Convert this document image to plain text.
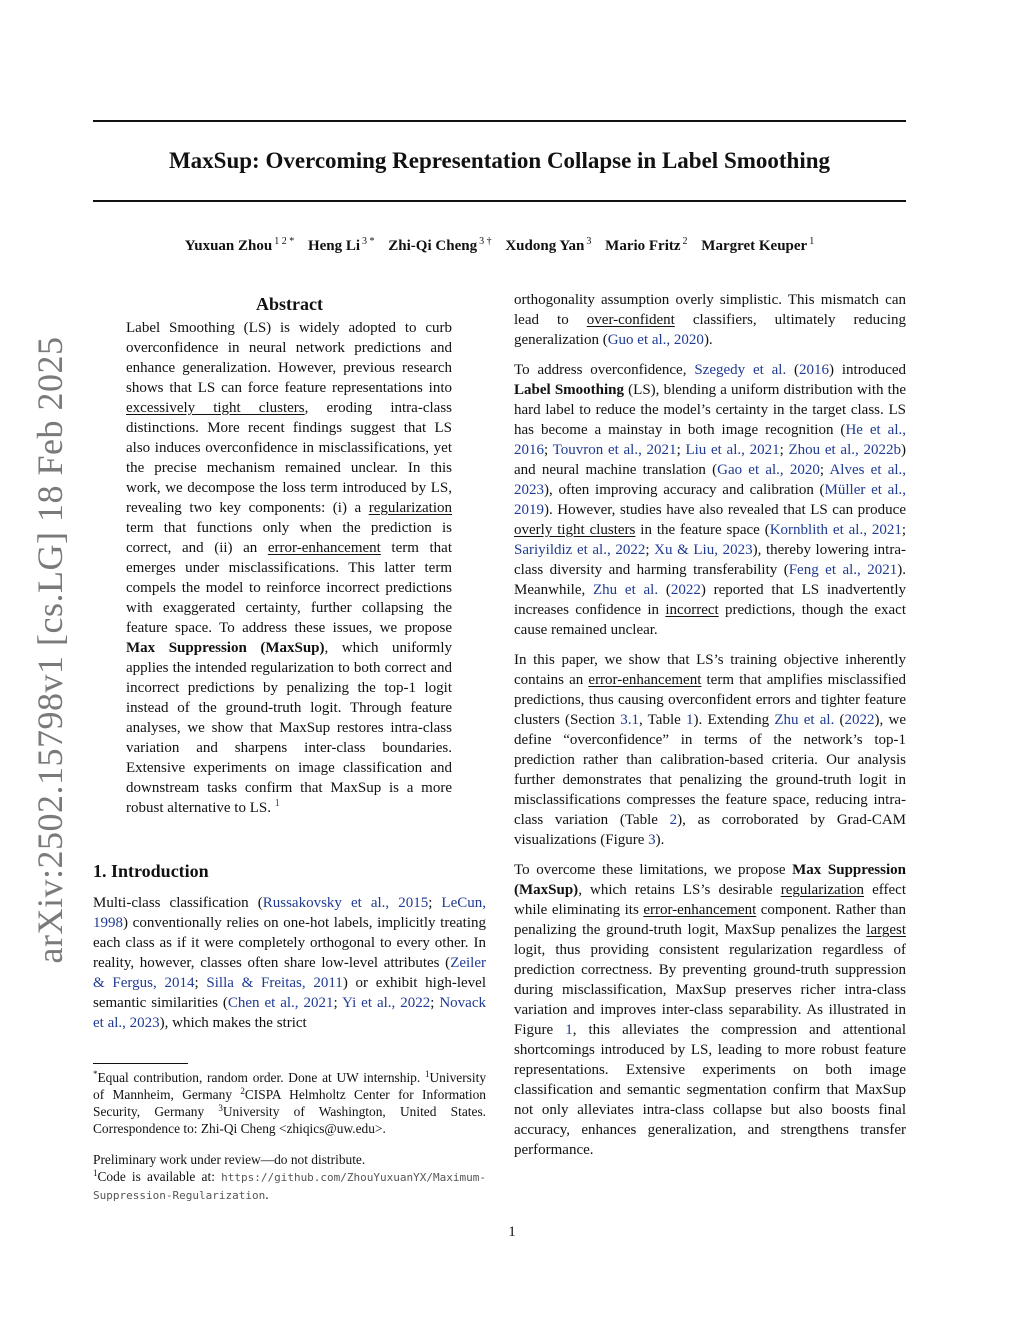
MaxSup: Overcoming Representation Collapse in Label Smoothing
Yuxuan Zhou $^{1 2 *}$ Heng Li $^{3 *}$ Zhi-Qi Cheng $^{3 \dagger}$ Xudong Yan $^3$ Mario Fritz $^2$ Margret Keuper $^1$
arXiv:2502.15798v1 [cs.LG] 18 Feb 2025
Abstract
Label Smoothing (LS) is widely adopted to curb overconfidence in neural network predictions and enhance generalization. However, previous research shows that LS can force feature representations into excessively tight clusters, eroding intra-class distinctions. More recent findings suggest that LS also induces overconfidence in misclassifications, yet the precise mechanism remained unclear. In this work, we decompose the loss term introduced by LS, revealing two key components: (i) a regularization term that functions only when the prediction is correct, and (ii) an error-enhancement term that emerges under misclassifications. This latter term compels the model to reinforce incorrect predictions with exaggerated certainty, further collapsing the feature space. To address these issues, we propose Max Suppression (MaxSup), which uniformly applies the intended regularization to both correct and incorrect predictions by penalizing the top-1 logit instead of the ground-truth logit. Through feature analyses, we show that MaxSup restores intra-class variation and sharpens inter-class boundaries. Extensive experiments on image classification and downstream tasks confirm that MaxSup is a more robust alternative to LS. $^1$
1. Introduction
Multi-class classification (Russakovsky et al., 2015; LeCun, 1998) conventionally relies on one-hot labels, implicitly treating each class as if it were completely orthogonal to every other. In reality, however, classes often share low-level attributes (Zeiler & Fergus, 2014; Silla & Freitas, 2011) or exhibit high-level semantic similarities (Chen et al., 2021; Yi et al., 2022; Novack et al., 2023), which makes the strict

*Equal contribution, random order. Done at UW internship. $^1$University of Mannheim, Germany $^2$CISPA Helmholtz Center for Information Security, Germany $^3$University of Washington, United States. Correspondence to: Zhi-Qi Cheng <zhiqics@uw.edu>.

Preliminary work under review—do not distribute.

$^1$Code is available at: https://github.com/ZhouYuxuanYX/Maximum-Suppression-Regularization.

orthogonality assumption overly simplistic. This mismatch can lead to over-confident classifiers, ultimately reducing generalization (Guo et al., 2020).
To address overconfidence, Szegedy et al. (2016) introduced Label Smoothing (LS), blending a uniform distribution with the hard label to reduce the model’s certainty in the target class. LS has become a mainstay in both image recognition (He et al., 2016; Touvron et al., 2021; Liu et al., 2021; Zhou et al., 2022b) and neural machine translation (Gao et al., 2020; Alves et al., 2023), often improving accuracy and calibration (Müller et al., 2019). However, studies have also revealed that LS can produce overly tight clusters in the feature space (Kornblith et al., 2021; Sariyildiz et al., 2022; Xu & Liu, 2023), thereby lowering intra-class diversity and harming transferability (Feng et al., 2021). Meanwhile, Zhu et al. (2022) reported that LS inadvertently increases confidence in incorrect predictions, though the exact cause remained unclear.
In this paper, we show that LS’s training objective inherently contains an error-enhancement term that amplifies misclassified predictions, thus causing overconfident errors and tighter feature clusters (Section 3.1, Table 1). Extending Zhu et al. (2022), we define “overconfidence” in terms of the network’s top-1 prediction rather than calibration-based criteria. Our analysis further demonstrates that penalizing the ground-truth logit in misclassifications compresses the feature space, reducing intra-class variation (Table 2), as corroborated by Grad-CAM visualizations (Figure 3).
To overcome these limitations, we propose Max Suppression (MaxSup), which retains LS’s desirable regularization effect while eliminating its error-enhancement component. Rather than penalizing the ground-truth logit, MaxSup penalizes the largest logit, thus providing consistent regularization regardless of prediction correctness. By preventing ground-truth suppression during misclassification, MaxSup preserves richer intra-class variation and improves inter-class separability. As illustrated in Figure 1, this alleviates the compression and attentional shortcomings introduced by LS, leading to more robust feature representations. Extensive experiments on both image classification and semantic segmentation confirm that MaxSup not only alleviates intra-class collapse but also boosts final accuracy, enhances generalization, and strengthens transfer performance.
1
